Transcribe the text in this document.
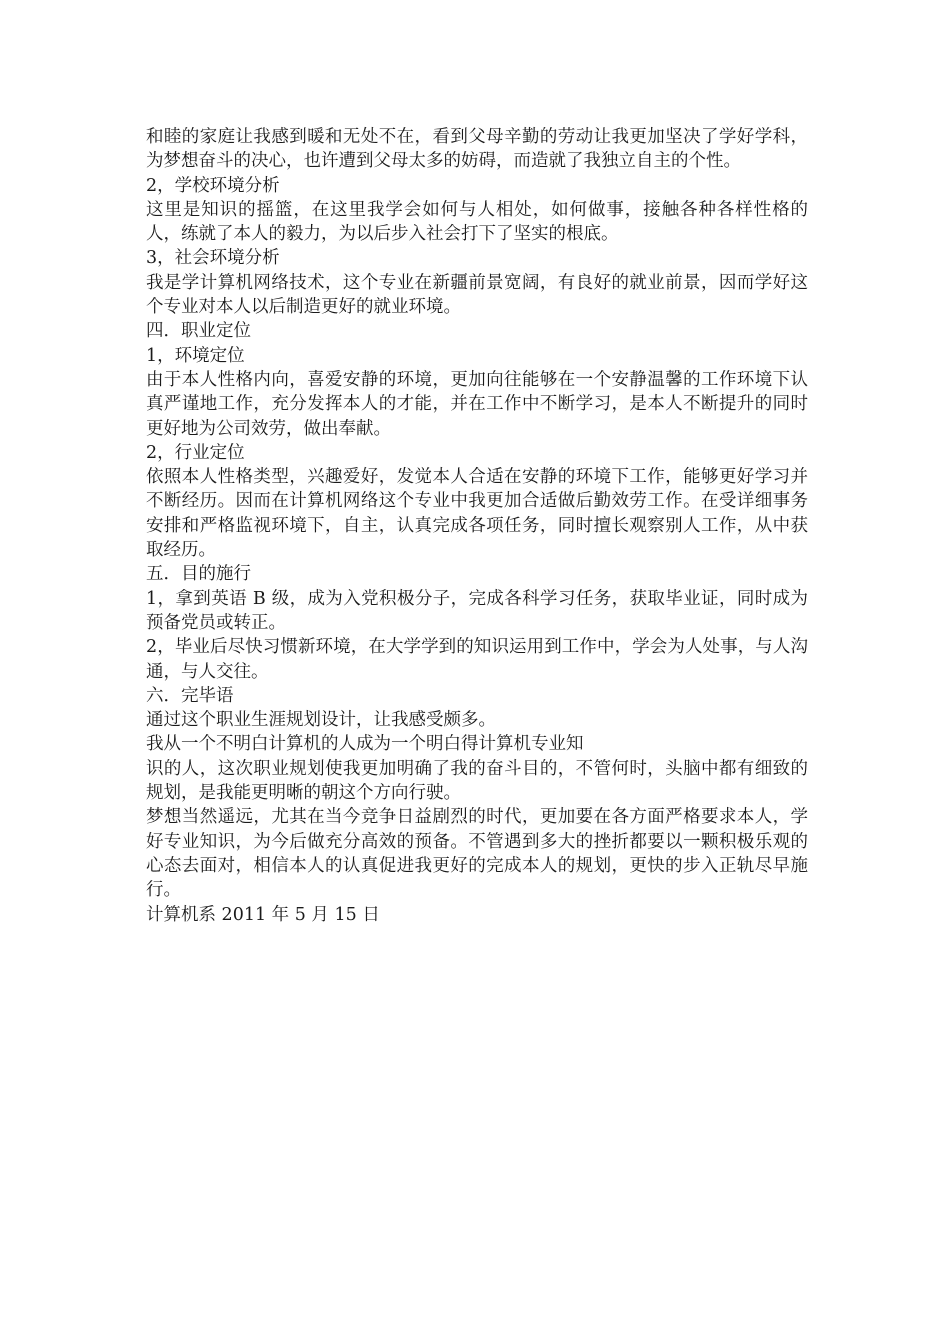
和睦的家庭让我感到暖和无处不在，看到父母辛勤的劳动让我更加坚决了学好学科，为梦想奋斗的决心，也许遭到父母太多的妨碍，而造就了我独立自主的个性。

2，学校环境分析

这里是知识的摇篮，在这里我学会如何与人相处，如何做事，接触各种各样性格的人，练就了本人的毅力，为以后步入社会打下了坚实的根底。

3，社会环境分析

我是学计算机网络技术，这个专业在新疆前景宽阔，有良好的就业前景，因而学好这个专业对本人以后制造更好的就业环境。

四．职业定位

1，环境定位

由于本人性格内向，喜爱安静的环境，更加向往能够在一个安静温馨的工作环境下认真严谨地工作，充分发挥本人的才能，并在工作中不断学习，是本人不断提升的同时更好地为公司效劳，做出奉献。

2，行业定位

依照本人性格类型，兴趣爱好，发觉本人合适在安静的环境下工作，能够更好学习并不断经历。因而在计算机网络这个专业中我更加合适做后勤效劳工作。在受详细事务安排和严格监视环境下，自主，认真完成各项任务，同时擅长观察别人工作，从中获取经历。

五．目的施行

1，拿到英语 B 级，成为入党积极分子，完成各科学习任务，获取毕业证，同时成为预备党员或转正。

2，毕业后尽快习惯新环境，在大学学到的知识运用到工作中，学会为人处事，与人沟通，与人交往。

六．完毕语

通过这个职业生涯规划设计，让我感受颇多。

我从一个不明白计算机的人成为一个明白得计算机专业知

识的人，这次职业规划使我更加明确了我的奋斗目的，不管何时，头脑中都有细致的规划，是我能更明晰的朝这个方向行驶。

梦想当然遥远，尤其在当今竞争日益剧烈的时代，更加要在各方面严格要求本人，学好专业知识，为今后做充分高效的预备。不管遇到多大的挫折都要以一颗积极乐观的心态去面对，相信本人的认真促进我更好的完成本人的规划，更快的步入正轨尽早施行。

计算机系 2011 年 5 月 15 日
